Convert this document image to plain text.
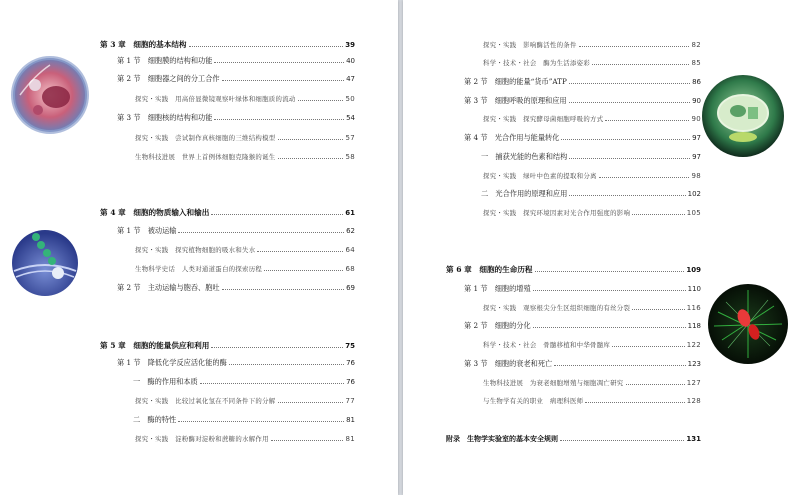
第 3 章　细胞的基本结构	39
第 1 节　细胞膜的结构和功能	40
第 2 节　细胞器之间的分工合作	47
探究・实践　用高倍显微镜观察叶绿体和细胞质的流动	50
第 3 节　细胞核的结构和功能	54
探究・实践　尝试制作真核细胞的三维结构模型	57
生物科技进展　世界上首例体细胞克隆猴的诞生	58
第 4 章　细胞的物质输入和输出	61
第 1 节　被动运输	62
探究・实践　探究植物细胞的吸水和失水	64
生物科学史话　人类对通道蛋白的探索历程	68
第 2 节　主动运输与胞吞、胞吐	69
第 5 章　细胞的能量供应和利用	75
第 1 节　降低化学反应活化能的酶	76
一　酶的作用和本质	76
探究・实践　比较过氧化氢在不同条件下的分解	77
二　酶的特性	81
探究・实践　淀粉酶对淀粉和蔗糖的水解作用	81
探究・实践　影响酶活性的条件	82
科学・技术・社会　酶为生活添姿彩	85
第 2 节　细胞的能量“货币”ATP	86
第 3 节　细胞呼吸的原理和应用	90
探究・实践　探究酵母菌细胞呼吸的方式	90
第 4 节　光合作用与能量转化	97
一　捕获光能的色素和结构	97
探究・实践　绿叶中色素的提取和分离	98
二　光合作用的原理和应用	102
探究・实践　探究环境因素对光合作用强度的影响	105
第 6 章　细胞的生命历程	109
第 1 节　细胞的增殖	110
探究・实践　观察根尖分生区组织细胞的有丝分裂	116
第 2 节　细胞的分化	118
科学・技术・社会　骨髓移植和中华骨髓库	122
第 3 节　细胞的衰老和死亡	123
生物科技进展　为衰老细胞增殖与细胞凋亡研究	127
与生物学有关的职业　病理科医师	128
附录　生物学实验室的基本安全规则	131
